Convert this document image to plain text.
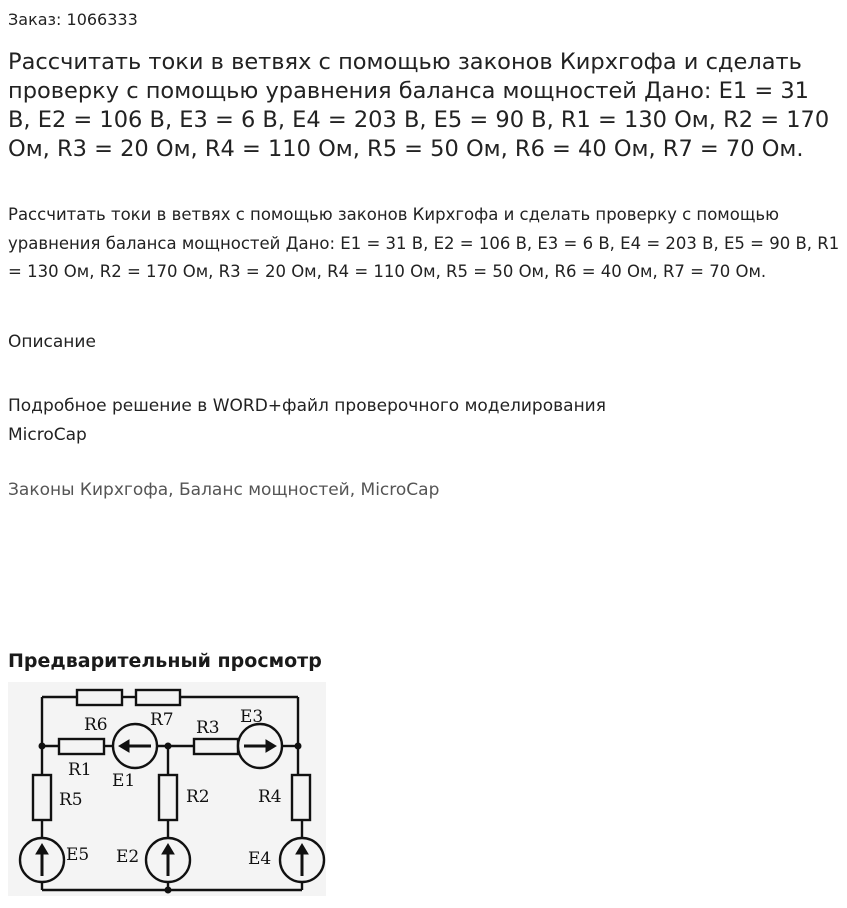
Заказ: 1066333

Рассчитать токи в ветвях с помощью законов Кирхгофа и сделать проверку с помощью уравнения баланса мощностей Дано: E1 = 31 В, E2 = 106 В, E3 = 6 В, E4 = 203 В, E5 = 90 В, R1 = 130 Ом, R2 = 170 Ом, R3 = 20 Ом, R4 = 110 Ом, R5 = 50 Ом, R6 = 40 Ом, R7 = 70 Ом.

Рассчитать токи в ветвях с помощью законов Кирхгофа и сделать проверку с помощью уравнения баланса мощностей Дано: E1 = 31 В, E2 = 106 В, E3 = 6 В, E4 = 203 В, E5 = 90 В, R1 = 130 Ом, R2 = 170 Ом, R3 = 20 Ом, R4 = 110 Ом, R5 = 50 Ом, R6 = 40 Ом, R7 = 70 Ом.

Описание
Подробное решение в WORD+файл проверочного моделирования
MicroCap

Законы Кирхгофа, Баланс мощностей, MicroCap

Предварительный просмотр
R6 R7 R3
E3
R1
E1
R5	R2	R4
E5 E2	E4
